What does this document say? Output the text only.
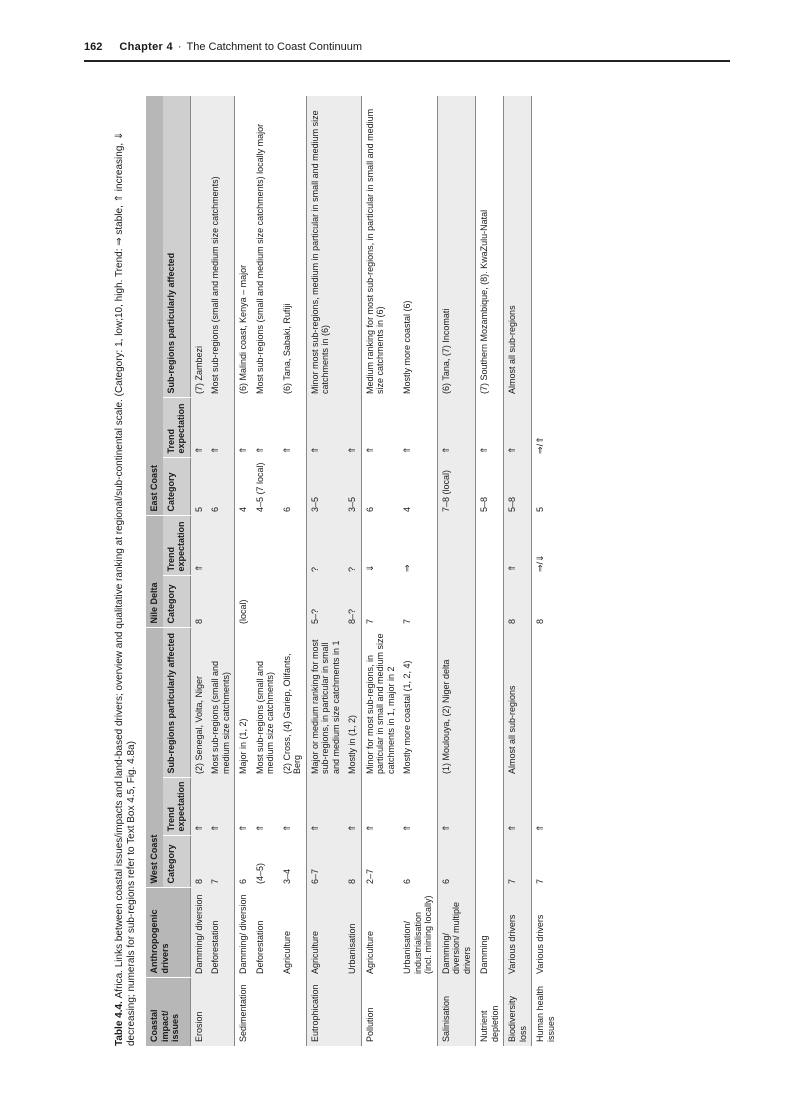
162 Chapter 4 · The Catchment to Coast Continuum
Table 4.4. Africa. Links between coastal issues/impacts and land-based drivers; overview and qualitative ranking at regional/sub-continental scale. (Category: 1, low;10, high. Trend: ⇒ stable, ⇑ increasing, ⇓ decreasing; numerals for sub-regions refer to Text Box 4.5, Fig. 4.8a) Coastal impact/ issues	Anthropogenic drivers	West Coast			Nile Delta		East Coast		
		Category	Trend expectation	Sub-regions particularly affected	Category	Trend expectation	Category	Trend expectation	Sub-regions particularly affected
Erosion	Damming/ diversion	8	⇑	(2) Senegal, Volta, Niger	8	⇑	5	⇑	(7) Zambezi
	Deforestation	7	⇑	Most sub-regions (small and medium size catchments)			6	⇑	Most sub-regions (small and medium size catchments)
Sedimentation	Damming/ diversion	6	⇑	Major in (1, 2)	(local)		4	⇑	(6) Malindi coast, Kenya – major
	Deforestation	(4–5)	⇑	Most sub-regions (small and medium size catchments)			4–5 (7 local)	⇑	Most sub-regions (small and medium size catchments) locally major
	Agriculture	3–4	⇑	(2) Cross, (4) Gariep, Olifants, Berg			6	⇑	(6) Tana, Sabaki, Rufiji
Eutrophication	Agriculture	6–7	⇑	Major or medium ranking for most sub-regions, in particular in small and medium size catchments in 1	5–?	?	3–5	⇑	Minor most sub-regions, medium in particular in small and medium size catchments in (6)
	Urbanisation	8	⇑	Mostly in (1, 2)	8–?	?	3–5	⇑	
Pollution	Agriculture	2–7	⇑	Minor for most sub-regions, in particular in small and medium size catchments in 1, major in 2	7	⇓	6	⇑	Medium ranking for most sub-regions, in particular in small and medium size catchments in (6)
	Urbanisation/ industrialisation (incl. mining locally)	6	⇑	Mostly more coastal (1, 2, 4)	7	⇒	4	⇑	Mostly more coastal (6)
Salinisation	Damming/ diversion/ multiple drivers	6	⇑	(1) Moulouya, (2) Niger delta			7–8 (local)	⇑	(6) Tana, (7) Incomati
Nutrient depletion	Damming						5–8	⇑	(7) Southern Mozambique, (8). KwaZulu-Natal
Biodiversity loss	Various drivers	7	⇑	Almost all sub-regions	8	⇑	5–8	⇑	Almost all sub-regions
Human health issues	Various drivers	7	⇑		8	⇒/⇓	5	⇒/⇑	
